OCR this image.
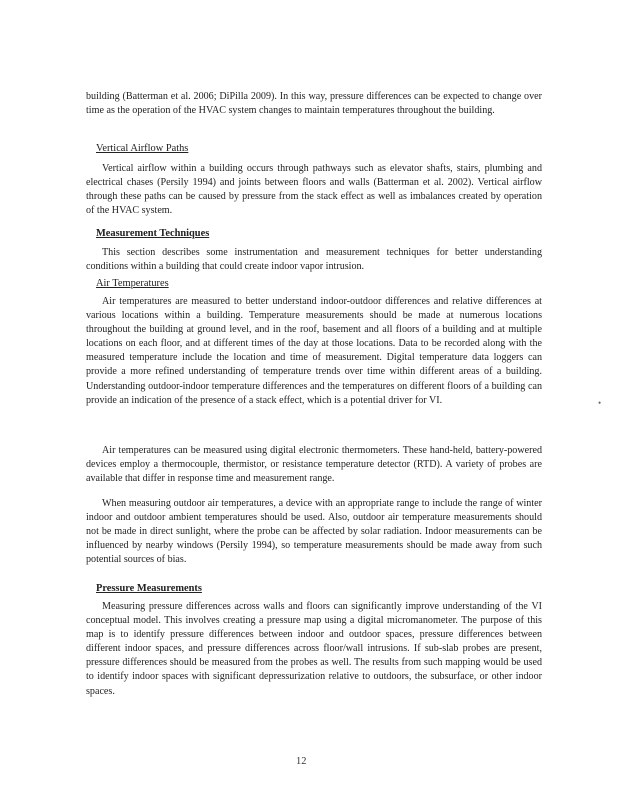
building (Batterman et al. 2006; DiPilla 2009). In this way, pressure differences can be expected to change over time as the operation of the HVAC system changes to maintain temperatures throughout the building.

Vertical Airflow Paths

Vertical airflow within a building occurs through pathways such as elevator shafts, stairs, plumbing and electrical chases (Persily 1994) and joints between floors and walls (Batterman et al. 2002). Vertical airflow through these paths can be caused by pressure from the stack effect as well as imbalances created by operation of the HVAC system.

Measurement Techniques

This section describes some instrumentation and measurement techniques for better understanding conditions within a building that could create indoor vapor intrusion.

Air Temperatures

Air temperatures are measured to better understand indoor-outdoor differences and relative differences at various locations within a building. Temperature measurements should be made at numerous locations throughout the building at ground level, and in the roof, basement and all floors of a building and at multiple locations on each floor, and at different times of the day at those locations. Data to be recorded along with the measured temperature include the location and time of measurement. Digital temperature data loggers can provide a more refined understanding of temperature trends over time within different areas of a building. Understanding outdoor-indoor temperature differences and the temperatures on different floors of a building can provide an indication of the presence of a stack effect, which is a potential driver for VI.	•

Air temperatures can be measured using digital electronic thermometers. These hand-held, battery-powered devices employ a thermocouple, thermistor, or resistance temperature detector (RTD). A variety of probes are available that differ in response time and measurement range.

When measuring outdoor air temperatures, a device with an appropriate range to include the range of winter indoor and outdoor ambient temperatures should be used. Also, outdoor air temperature measurements should not be made in direct sunlight, where the probe can be affected by solar radiation. Indoor measurements can be influenced by nearby windows (Persily 1994), so temperature measurements should be made away from such potential sources of bias.

Pressure Measurements

Measuring pressure differences across walls and floors can significantly improve understanding of the VI conceptual model. This involves creating a pressure map using a digital micromanometer. The purpose of this map is to identify pressure differences between indoor and outdoor spaces, pressure differences between different indoor spaces, and pressure differences across floor/wall intrusions. If sub-slab probes are present, pressure differences should be measured from the probes as well. The results from such mapping would be used to identify indoor spaces with significant depressurization relative to outdoors, the subsurface, or other indoor spaces.

12
